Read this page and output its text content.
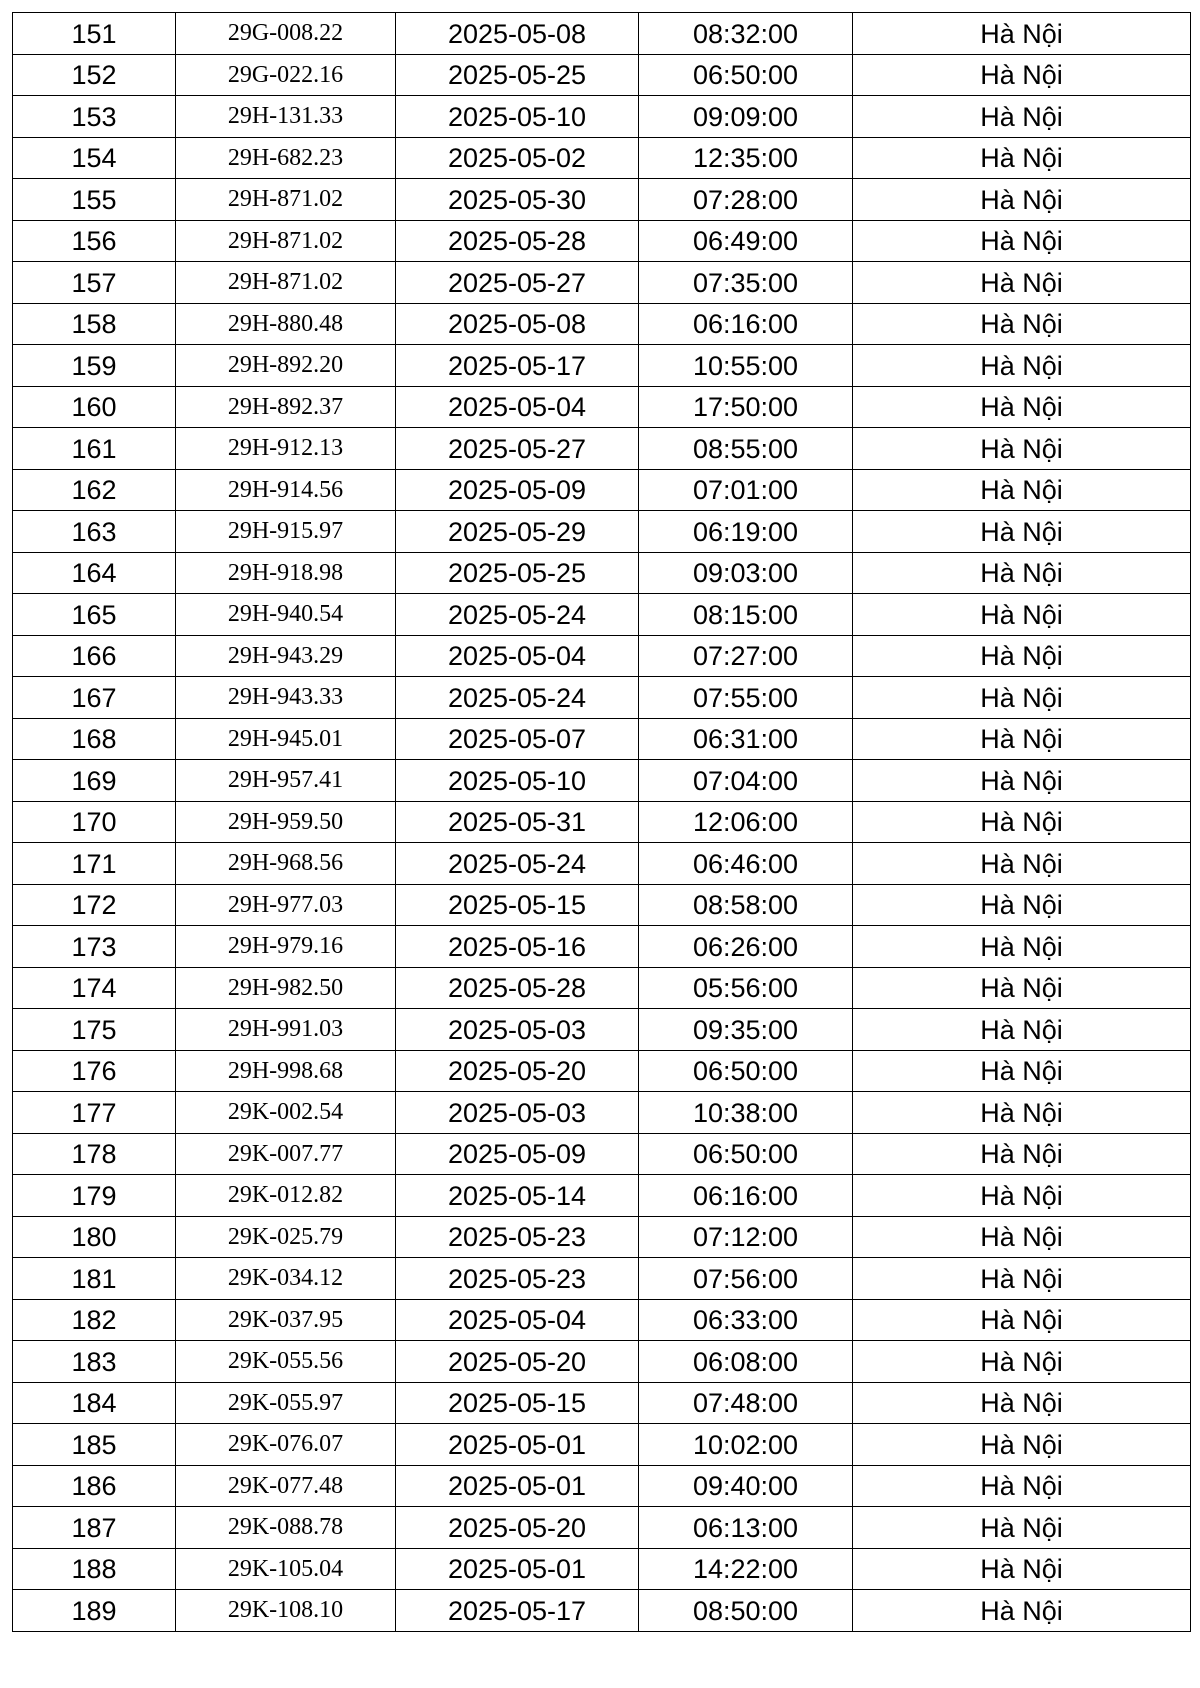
151	29G-008.22	2025-05-08	08:32:00	Hà Nội
152	29G-022.16	2025-05-25	06:50:00	Hà Nội
153	29H-131.33	2025-05-10	09:09:00	Hà Nội
154	29H-682.23	2025-05-02	12:35:00	Hà Nội
155	29H-871.02	2025-05-30	07:28:00	Hà Nội
156	29H-871.02	2025-05-28	06:49:00	Hà Nội
157	29H-871.02	2025-05-27	07:35:00	Hà Nội
158	29H-880.48	2025-05-08	06:16:00	Hà Nội
159	29H-892.20	2025-05-17	10:55:00	Hà Nội
160	29H-892.37	2025-05-04	17:50:00	Hà Nội
161	29H-912.13	2025-05-27	08:55:00	Hà Nội
162	29H-914.56	2025-05-09	07:01:00	Hà Nội
163	29H-915.97	2025-05-29	06:19:00	Hà Nội
164	29H-918.98	2025-05-25	09:03:00	Hà Nội
165	29H-940.54	2025-05-24	08:15:00	Hà Nội
166	29H-943.29	2025-05-04	07:27:00	Hà Nội
167	29H-943.33	2025-05-24	07:55:00	Hà Nội
168	29H-945.01	2025-05-07	06:31:00	Hà Nội
169	29H-957.41	2025-05-10	07:04:00	Hà Nội
170	29H-959.50	2025-05-31	12:06:00	Hà Nội
171	29H-968.56	2025-05-24	06:46:00	Hà Nội
172	29H-977.03	2025-05-15	08:58:00	Hà Nội
173	29H-979.16	2025-05-16	06:26:00	Hà Nội
174	29H-982.50	2025-05-28	05:56:00	Hà Nội
175	29H-991.03	2025-05-03	09:35:00	Hà Nội
176	29H-998.68	2025-05-20	06:50:00	Hà Nội
177	29K-002.54	2025-05-03	10:38:00	Hà Nội
178	29K-007.77	2025-05-09	06:50:00	Hà Nội
179	29K-012.82	2025-05-14	06:16:00	Hà Nội
180	29K-025.79	2025-05-23	07:12:00	Hà Nội
181	29K-034.12	2025-05-23	07:56:00	Hà Nội
182	29K-037.95	2025-05-04	06:33:00	Hà Nội
183	29K-055.56	2025-05-20	06:08:00	Hà Nội
184	29K-055.97	2025-05-15	07:48:00	Hà Nội
185	29K-076.07	2025-05-01	10:02:00	Hà Nội
186	29K-077.48	2025-05-01	09:40:00	Hà Nội
187	29K-088.78	2025-05-20	06:13:00	Hà Nội
188	29K-105.04	2025-05-01	14:22:00	Hà Nội
189	29K-108.10	2025-05-17	08:50:00	Hà Nội
